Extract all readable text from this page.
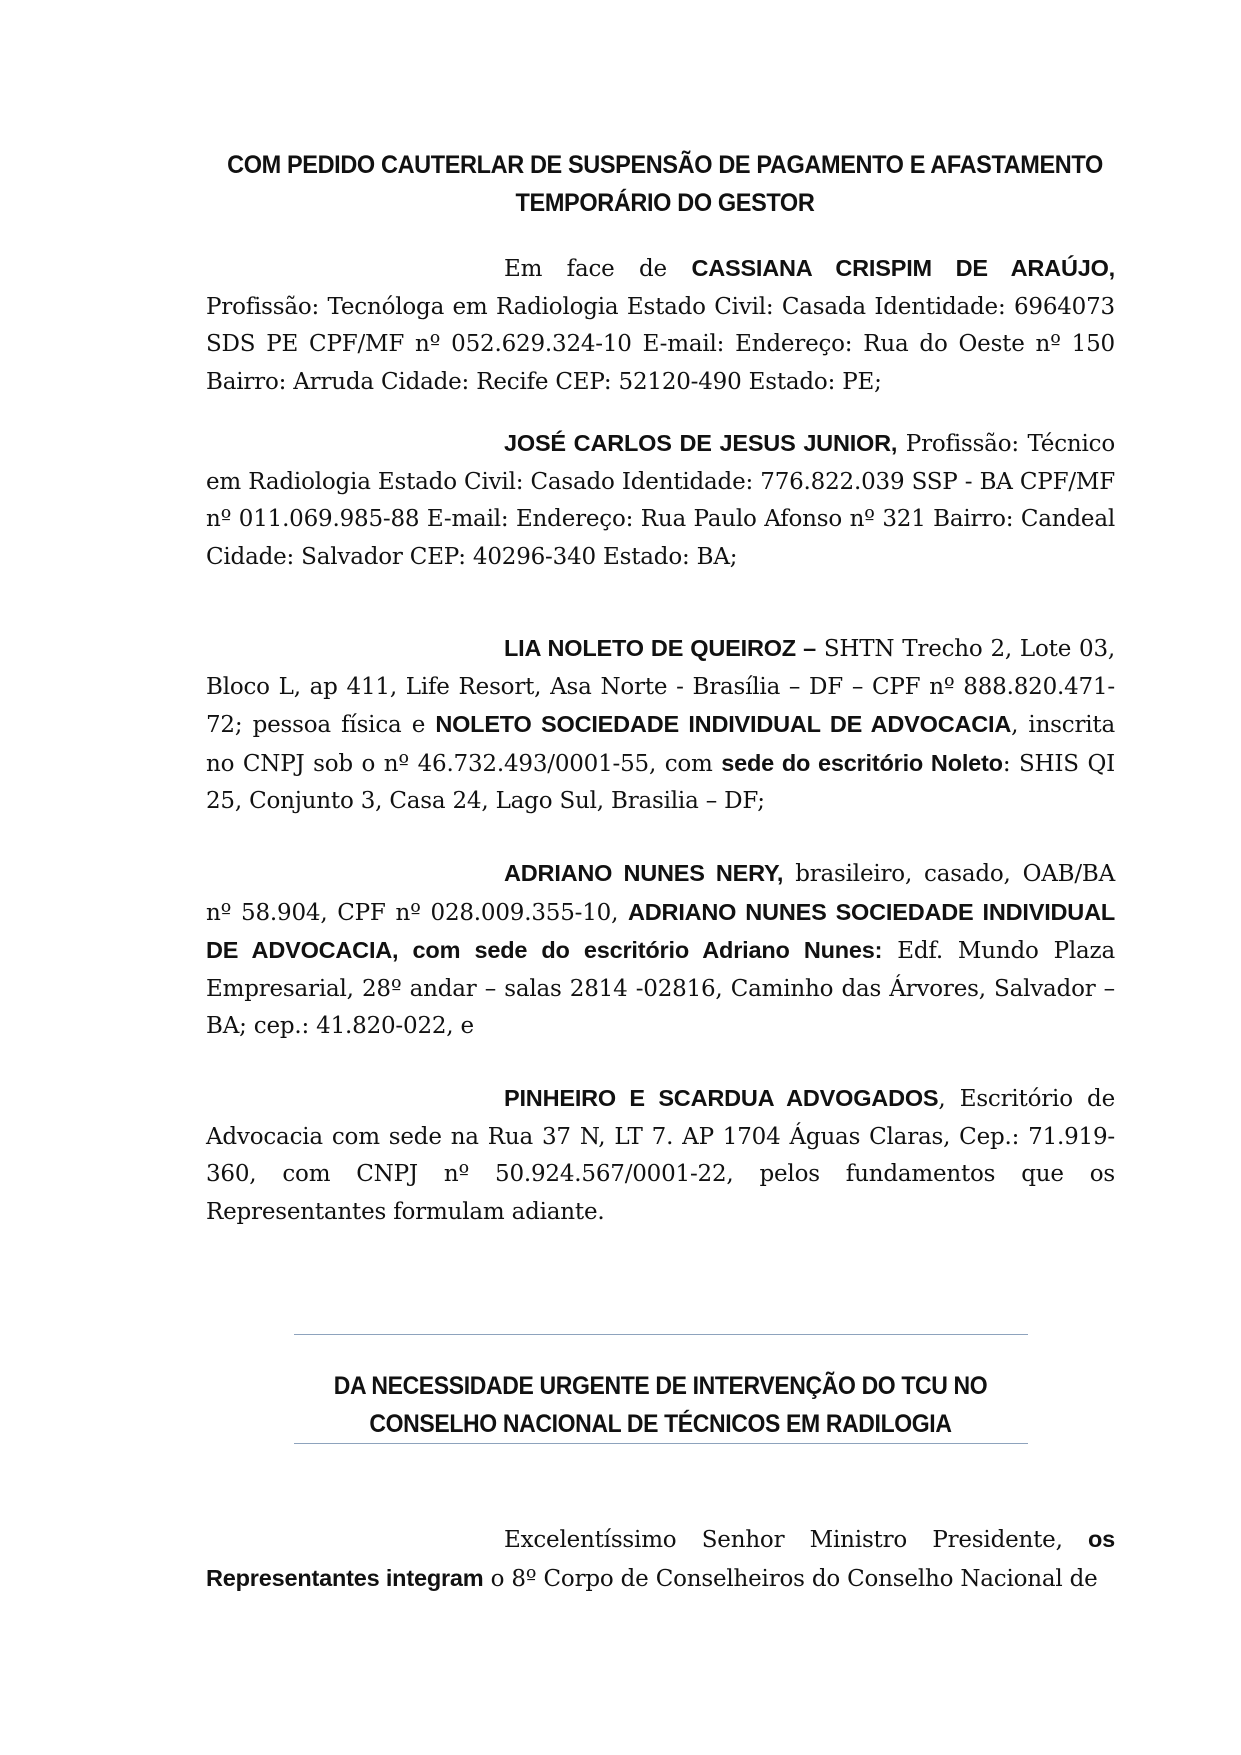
COM PEDIDO CAUTERLAR DE SUSPENSÃO DE PAGAMENTO E AFASTAMENTO
TEMPORÁRIO DO GESTOR

Em face de CASSIANA CRISPIM DE ARAÚJO, Profissão: Tecnóloga em Radiologia Estado Civil: Casada Identidade: 6964073 SDS PE CPF/MF nº 052.629.324-10 E-mail: Endereço: Rua do Oeste nº 150 Bairro: Arruda Cidade: Recife CEP: 52120-490 Estado: PE;

JOSÉ CARLOS DE JESUS JUNIOR, Profissão: Técnico em Radiologia Estado Civil: Casado Identidade: 776.822.039 SSP - BA CPF/MF nº 011.069.985-88 E-mail: Endereço: Rua Paulo Afonso nº 321 Bairro: Candeal Cidade: Salvador CEP: 40296-340 Estado: BA;

LIA NOLETO DE QUEIROZ – SHTN Trecho 2, Lote 03, Bloco L, ap 411, Life Resort, Asa Norte - Brasília – DF – CPF nº 888.820.471-72; pessoa física e NOLETO SOCIEDADE INDIVIDUAL DE ADVOCACIA, inscrita no CNPJ sob o nº 46.732.493/0001-55, com sede do escritório Noleto: SHIS QI 25, Conjunto 3, Casa 24, Lago Sul, Brasilia – DF;

ADRIANO NUNES NERY, brasileiro, casado, OAB/BA nº 58.904, CPF nº 028.009.355-10, ADRIANO NUNES SOCIEDADE INDIVIDUAL DE ADVOCACIA, com sede do escritório Adriano Nunes: Edf. Mundo Plaza Empresarial, 28º andar – salas 2814 -02816, Caminho das Árvores, Salvador – BA; cep.: 41.820-022, e

PINHEIRO E SCARDUA ADVOGADOS, Escritório de Advocacia com sede na Rua 37 N, LT 7. AP 1704 Águas Claras, Cep.: 71.919-360, com CNPJ nº 50.924.567/0001-22, pelos fundamentos que os Representantes formulam adiante.

DA NECESSIDADE URGENTE DE INTERVENÇÃO DO TCU NO
CONSELHO NACIONAL DE TÉCNICOS EM RADILOGIA

Excelentíssimo Senhor Ministro Presidente, os Representantes integram o 8º Corpo de Conselheiros do Conselho Nacional de
